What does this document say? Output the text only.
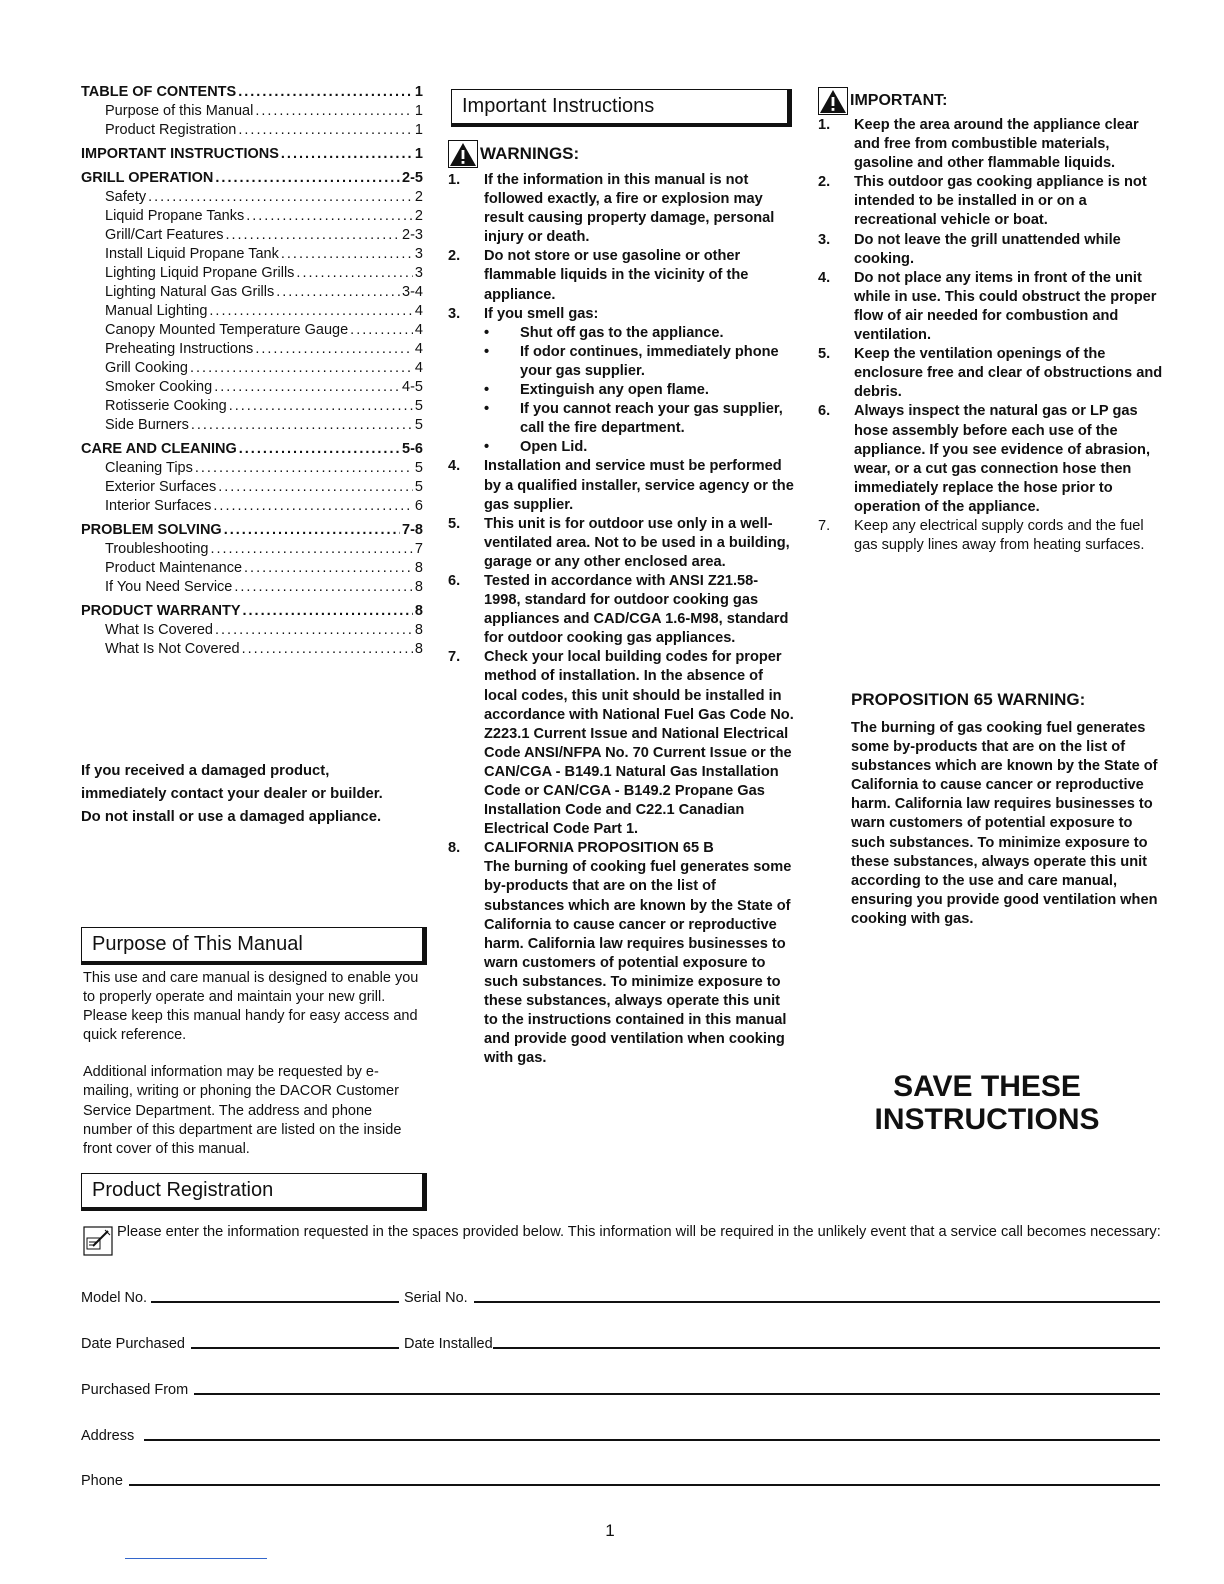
TABLE OF CONTENTS .....	1
Purpose of this Manual .....	1
Product Registration .....	1
IMPORTANT INSTRUCTIONS .....	1
GRILL OPERATION .....	2-5
Safety .....	2
Liquid Propane Tanks .....	2
Grill/Cart Features .....	2-3
Install Liquid Propane Tank .....	3
Lighting Liquid Propane Grills .....	3
Lighting Natural Gas Grills .....	3-4
Manual Lighting .....	4
Canopy Mounted Temperature Gauge .....	4
Preheating Instructions .....	4
Grill Cooking .....	4
Smoker Cooking .....	4-5
Rotisserie Cooking .....	5
Side Burners .....	5
CARE AND CLEANING .....	5-6
Cleaning Tips .....	5
Exterior Surfaces .....	5
Interior Surfaces .....	6
PROBLEM SOLVING .....	7-8
Troubleshooting .....	7
Product Maintenance .....	8
If You Need Service .....	8
PRODUCT WARRANTY .....	8
What Is Covered .....	8
What Is Not Covered .....	8
If you received a damaged product,
immediately contact your dealer or builder.
Do not install or use a damaged appliance.
Purpose of This Manual
This use and care manual is designed to enable you to properly operate and maintain your new grill. Please keep this manual handy for easy access and quick reference.
Additional information may be requested by e-mailing, writing or phoning the DACOR Customer Service Department. The address and phone number of this department are listed on the inside front cover of this manual.
Important Instructions
WARNINGS:
1.	If the information in this manual is not followed exactly, a fire or explosion may result causing property damage, personal injury or death.
2.	Do not store or use gasoline or other flammable liquids in the vicinity of the appliance.
3.	If you smell gas:
•	Shut off gas to the appliance.
•	If odor continues, immediately phone your gas supplier.
•	Extinguish any open flame.
•	If you cannot reach your gas supplier, call the fire department.
•	Open Lid.
4.	Installation and service must be performed by a qualified installer, service agency or the gas supplier.
5.	This unit is for outdoor use only in a well-ventilated area. Not to be used in a building, garage or any other enclosed area.
6.	Tested in accordance with ANSI Z21.58-1998, standard for outdoor cooking gas appliances and CAD/CGA 1.6-M98, standard for outdoor cooking gas appliances.
7.	Check your local building codes for proper method of installation. In the absence of local codes, this unit should be installed in accordance with National Fuel Gas Code No. Z223.1 Current Issue and National Electrical Code ANSI/NFPA No. 70 Current Issue or the CAN/CGA - B149.1 Natural Gas Installation Code or CAN/CGA - B149.2 Propane Gas Installation Code and C22.1 Canadian Electrical Code Part 1.
8.	CALIFORNIA PROPOSITION 65 B
The burning of cooking fuel generates some by-products that are on the list of substances which are known by the State of California to cause cancer or reproductive harm. California law requires businesses to warn customers of potential exposure to such substances. To minimize exposure to these substances, always operate this unit to the instructions contained in this manual and provide good ventilation when cooking with gas.
IMPORTANT:
1.	Keep the area around the appliance clear and free from combustible materials, gasoline and other flammable liquids.
2.	This outdoor gas cooking appliance is not intended to be installed in or on a recreational vehicle or boat.
3.	Do not leave the grill unattended while cooking.
4.	Do not place any items in front of the unit while in use. This could obstruct the proper flow of air needed for combustion and ventilation.
5.	Keep the ventilation openings of the enclosure free and clear of obstructions and debris.
6.	Always inspect the natural gas or LP gas hose assembly before each use of the appliance. If you see evidence of abrasion, wear, or a cut gas connection hose then immediately replace the hose prior to operation of the appliance.
7.	Keep any electrical supply cords and the fuel gas supply lines away from heating surfaces.
PROPOSITION 65 WARNING:
The burning of gas cooking fuel generates some by-products that are on the list of substances which are known by the State of California to cause cancer or reproductive harm. California law requires businesses to warn customers of potential exposure to such substances. To minimize exposure to these substances, always operate this unit according to the use and care manual, ensuring you provide good ventilation when cooking with gas.
SAVE THESE
INSTRUCTIONS
Product Registration
Please enter the information requested in the spaces provided below. This information will be required in the unlikely event that a service call becomes necessary:
Model No.	Serial No.
Date Purchased	Date Installed
Purchased From
Address
Phone
1
